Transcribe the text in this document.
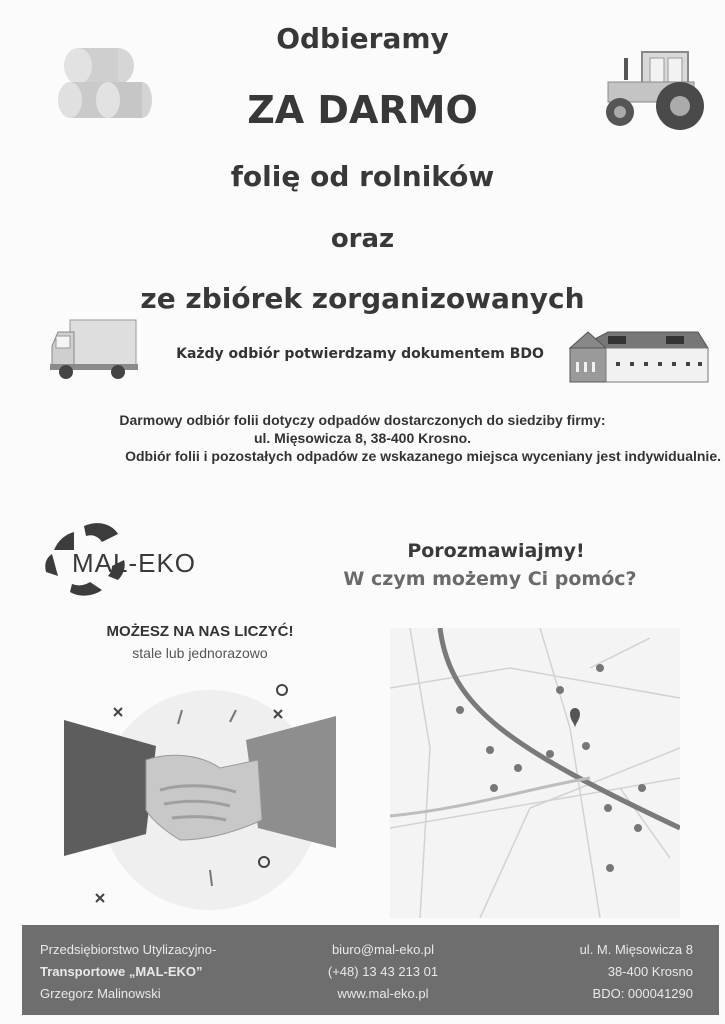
Odbieramy
ZA DARMO
folię od rolników
oraz
ze zbiórek zorganizowanych
Każdy odbiór potwierdzamy dokumentem BDO
Darmowy odbiór folii dotyczy odpadów dostarczonych do siedziby firmy:
ul. Mięsowicza 8, 38-400 Krosno.
Odbiór folii i pozostałych odpadów ze wskazanego miejsca wyceniany jest indywidualnie.
MAL-EKO	Porozmawiajmy!
W czym możemy Ci pomóc?
MOŻESZ NA NAS LICZYĆ!
stale lub jednorazowo
Przedsiębiorstwo Utylizacyjno-
Transportowe „MAL-EKO”
Grzegorz Malinowski
biuro@mal-eko.pl
(+48) 13 43 213 01
www.mal-eko.pl
ul. M. Mięsowicza 8
38-400 Krosno
BDO: 000041290
